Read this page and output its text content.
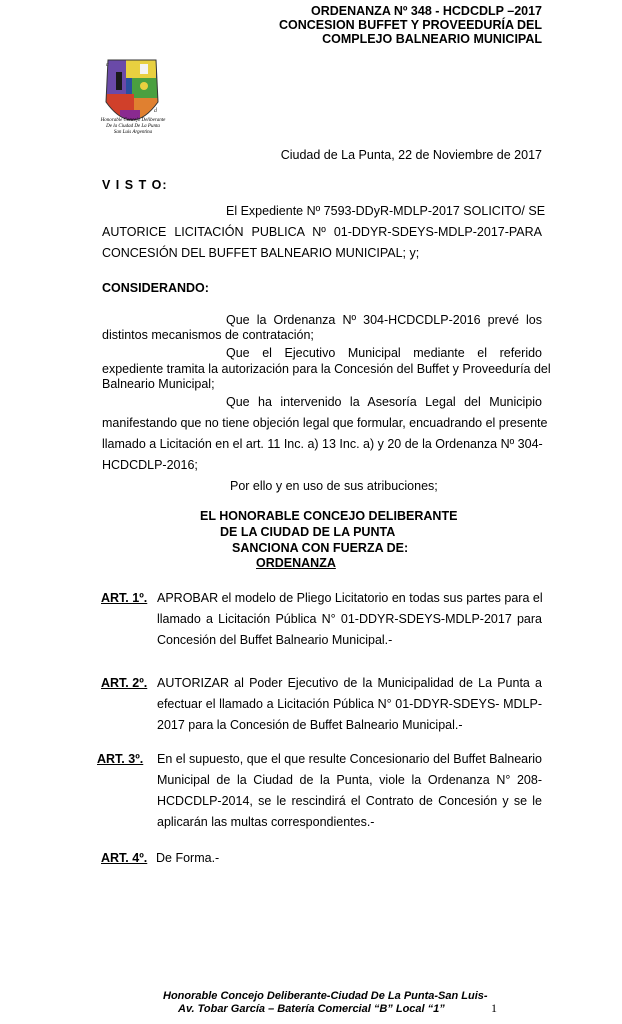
ORDENANZA Nº 348 - HCDCDLP –2017
CONCESION BUFFET Y PROVEEDURÍA DEL
COMPLEJO BALNEARIO MUNICIPAL
c
d
Honorable Concejo Deliberante
De la Ciudad De La Punta
San Luis Argentina
Ciudad de La Punta, 22 de Noviembre de 2017
V I S T O:
El Expediente Nº 7593-DDyR-MDLP-2017 SOLICITO/ SE
AUTORICE LICITACIÓN PUBLICA Nº 01-DDYR-SDEYS-MDLP-2017-PARA
CONCESIÓN DEL BUFFET BALNEARIO MUNICIPAL; y;
CONSIDERANDO:
Que la Ordenanza Nº 304-HCDCDLP-2016 prevé los
distintos mecanismos de contratación;
Que el Ejecutivo Municipal mediante el referido
expediente tramita la autorización para la Concesión del Buffet y Proveeduría del
Balneario Municipal;
Que ha intervenido la Asesoría Legal del Municipio
manifestando que no tiene objeción legal que formular, encuadrando el presente
llamado a Licitación en el art. 11 Inc. a) 13 Inc. a) y 20 de la Ordenanza Nº 304-
HCDCDLP-2016;
Por ello y en uso de sus atribuciones;
EL HONORABLE CONCEJO DELIBERANTE
DE LA CIUDAD DE LA PUNTA
SANCIONA CON FUERZA DE:
ORDENANZA
ART. 1º. APROBAR el modelo de Pliego Licitatorio en todas sus partes para el
llamado a Licitación Pública N° 01-DDYR-SDEYS-MDLP-2017 para
Concesión del Buffet Balneario Municipal.-
ART. 2º. AUTORIZAR al Poder Ejecutivo de la Municipalidad de La Punta a
efectuar el llamado a Licitación Pública N° 01-DDYR-SDEYS- MDLP-
2017 para la Concesión de Buffet Balneario Municipal.-
ART. 3º. En el supuesto, que el que resulte Concesionario del Buffet Balneario
Municipal de la Ciudad de la Punta, viole la Ordenanza N° 208-
HCDCDLP-2014, se le rescindirá el Contrato de Concesión y se le
aplicarán las multas correspondientes.-
ART. 4º. De Forma.-
Honorable Concejo Deliberante-Ciudad De La Punta-San Luis-
Av. Tobar García – Batería Comercial “B” Local “1”	1
